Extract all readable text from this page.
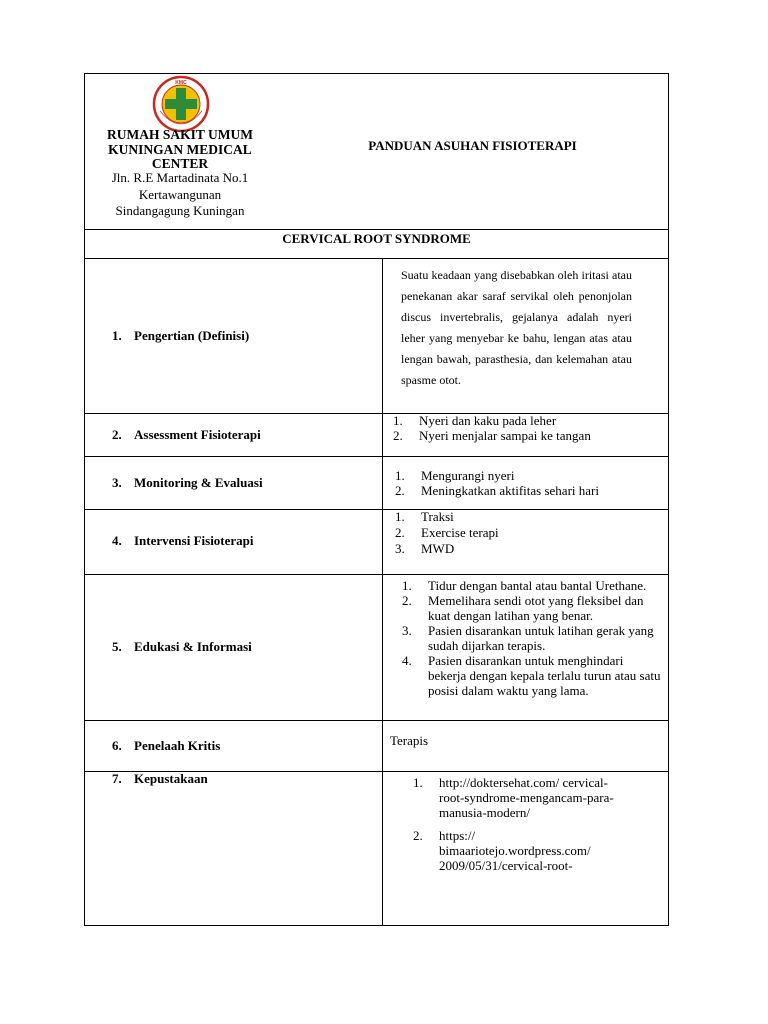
KMC
RUMAH SAKIT UMUM KUNINGAN MEDICAL CENTER
Jln. R.E Martadinata No.1
Kertawangunan
Sindangagung Kuningan
PANDUAN ASUHAN FISIOTERAPI
CERVICAL ROOT SYNDROME
1. Pengertian (Definisi)
2. Assessment Fisioterapi
3. Monitoring & Evaluasi
4. Intervensi Fisioterapi
5. Edukasi & Informasi
6. Penelaah Kritis
7. Kepustakaan
Suatu keadaan yang disebabkan oleh iritasi atau penekanan akar saraf servikal oleh penonjolan discus invertebralis, gejalanya adalah nyeri leher yang menyebar ke bahu, lengan atas atau lengan bawah, parasthesia, dan kelemahan atau spasme otot.
1. Nyeri dan kaku pada leher
2. Nyeri menjalar sampai ke tangan
1. Mengurangi nyeri
2. Meningkatkan aktifitas sehari hari
1. Traksi
2. Exercise terapi
3. MWD
1. Tidur dengan bantal atau bantal Urethane.
2. Memelihara sendi otot yang fleksibel dan kuat dengan latihan yang benar.
3. Pasien disarankan untuk latihan gerak yang sudah dijarkan terapis.
4. Pasien disarankan untuk menghindari bekerja dengan kepala terlalu turun atau satu posisi dalam waktu yang lama.
Terapis
1. http://doktersehat.com/ cervical-root-syndrome-mengancam-para-manusia-modern/
2. https:// bimaariotejo.wordpress.com/ 2009/05/31/cervical-root-
